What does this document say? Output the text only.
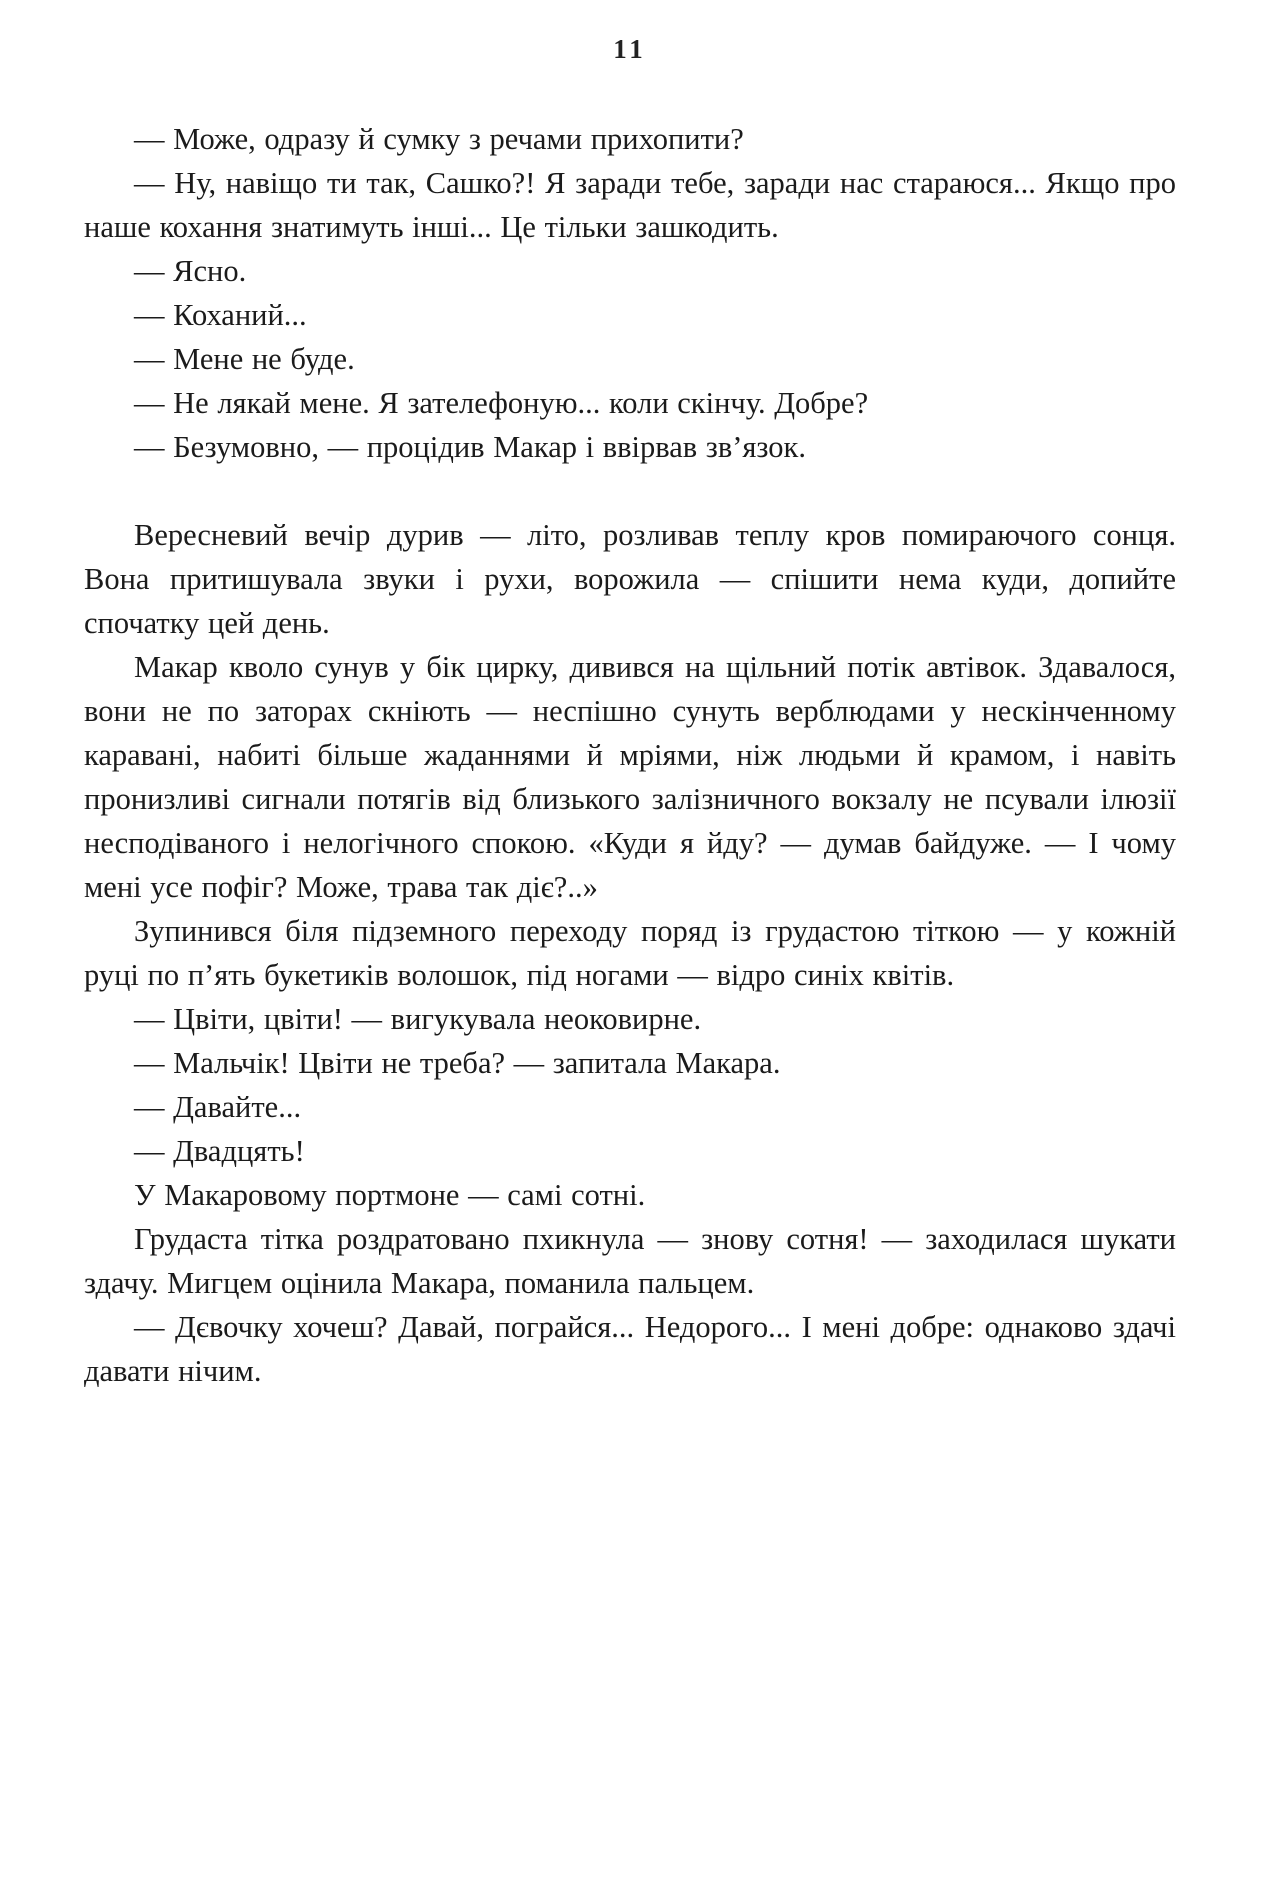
11

— Може, одразу й сумку з речами прихопити?

— Ну, навіщо ти так, Сашко?! Я заради тебе, заради нас стараюся... Якщо про наше кохання знатимуть інші... Це тільки зашкодить.

— Ясно.

— Коханий...

— Мене не буде.

— Не лякай мене. Я зателефоную... коли скінчу. Добре?

— Безумовно, — процідив Макар і ввірвав зв’язок.

Вересневий вечір дурив — літо, розливав теплу кров помираючого сонця. Вона притишувала звуки і рухи, ворожила — спішити нема куди, допийте спочатку цей день.

Макар кволо сунув у бік цирку, дивився на щільний потік автівок. Здавалося, вони не по заторах скніють — неспішно сунуть верблюдами у нескінченному каравані, набиті більше жаданнями й мріями, ніж людьми й крамом, і навіть пронизливі сигнали потягів від близького залізничного вокзалу не псували ілюзії несподіваного і нелогічного спокою. «Куди я йду? — думав байдуже. — І чому мені усе пофіг? Може, трава так діє?..»

Зупинився біля підземного переходу поряд із грудастою тіткою — у кожній руці по п’ять букетиків волошок, під ногами — відро синіх квітів.

— Цвіти, цвіти! — вигукувала неоковирне.

— Мальчік! Цвіти не треба? — запитала Макара.

— Давайте...

— Двадцять!

У Макаровому портмоне — самі сотні.

Грудаста тітка роздратовано пхикнула — знову сотня! — заходилася шукати здачу. Мигцем оцінила Макара, поманила пальцем.

— Дєвочку хочеш? Давай, пограйся... Недорого... І мені добре: однаково здачі давати нічим.
